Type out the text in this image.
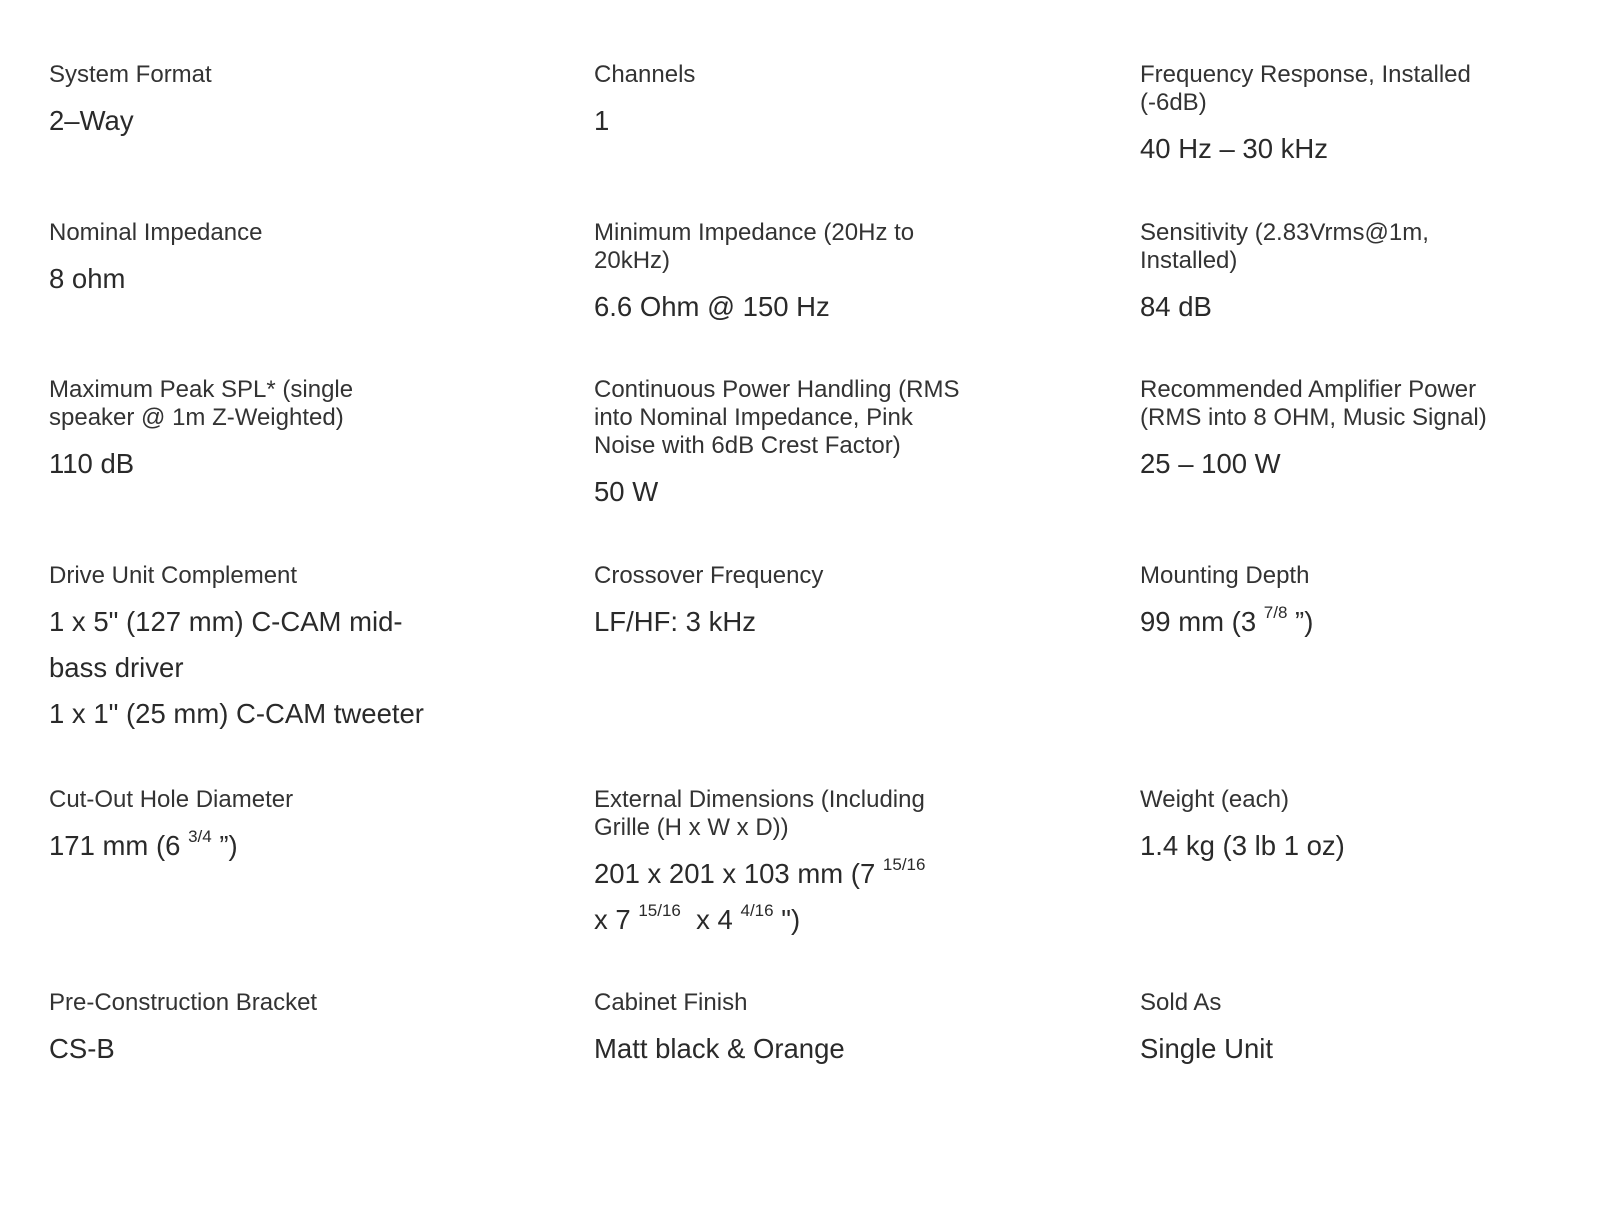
System Format
2–Way
Channels
1
Frequency Response, Installed
(-6dB)
40 Hz – 30 kHz
Nominal Impedance
8 ohm
Minimum Impedance (20Hz to
20kHz)
6.6 Ohm @ 150 Hz
Sensitivity (2.83Vrms@1m,
Installed)
84 dB
Maximum Peak SPL* (single
speaker @ 1m Z-Weighted)
110 dB
Continuous Power Handling (RMS
into Nominal Impedance, Pink
Noise with 6dB Crest Factor)
50 W
Recommended Amplifier Power
(RMS into 8 OHM, Music Signal)
25 – 100 W
Drive Unit Complement
1 x 5" (127 mm) C-CAM mid-
bass driver
1 x 1" (25 mm) C-CAM tweeter
Crossover Frequency
LF/HF: 3 kHz
Mounting Depth
99 mm (3 $^{7/8}$ ”)
Cut-Out Hole Diameter
171 mm (6 $^{3/4}$ ”)
External Dimensions (Including
Grille (H x W x D))
201 x 201 x 103 mm (7 $^{15/16}$
x 7 $^{15/16}$  x 4 $^{4/16}$ ")
Weight (each)
1.4 kg (3 lb 1 oz)
Pre-Construction Bracket
CS-B
Cabinet Finish
Matt black & Orange
Sold As
Single Unit
